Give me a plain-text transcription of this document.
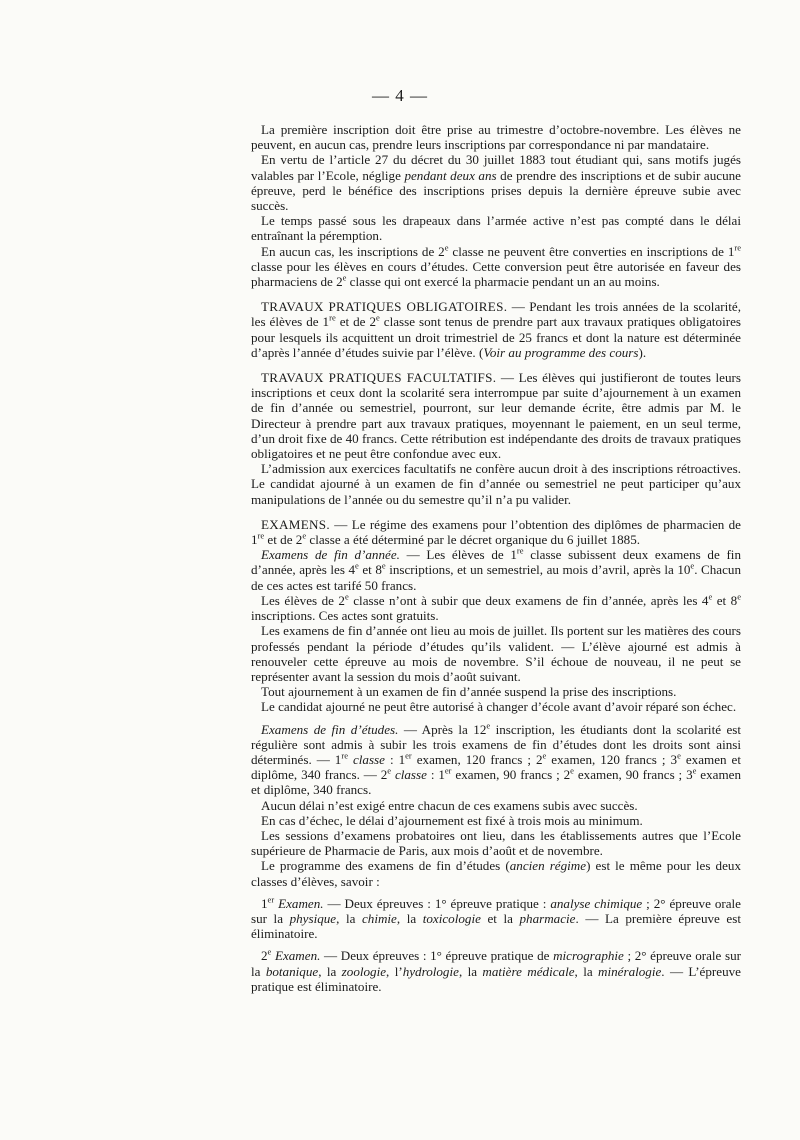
— 4 —

La première inscription doit être prise au trimestre d’octobre-novembre. Les élèves ne peuvent, en aucun cas, prendre leurs inscriptions par correspondance ni par mandataire.

En vertu de l’article 27 du décret du 30 juillet 1883 tout étudiant qui, sans motifs jugés valables par l’Ecole, néglige pendant deux ans de prendre des inscriptions et de subir aucune épreuve, perd le bénéfice des inscriptions prises depuis la dernière épreuve subie avec succès.

Le temps passé sous les drapeaux dans l’armée active n’est pas compté dans le délai entraînant la péremption.

En aucun cas, les inscriptions de 2e classe ne peuvent être converties en inscriptions de 1re classe pour les élèves en cours d’études. Cette conversion peut être autorisée en faveur des pharmaciens de 2e classe qui ont exercé la pharmacie pendant un an au moins.

TRAVAUX PRATIQUES OBLIGATOIRES. — Pendant les trois années de la scolarité, les élèves de 1re et de 2e classe sont tenus de prendre part aux travaux pratiques obligatoires pour lesquels ils acquittent un droit trimestriel de 25 francs et dont la nature est déterminée d’après l’année d’études suivie par l’élève. (Voir au programme des cours).

TRAVAUX PRATIQUES FACULTATIFS. — Les élèves qui justifieront de toutes leurs inscriptions et ceux dont la scolarité sera interrompue par suite d’ajournement à un examen de fin d’année ou semestriel, pourront, sur leur demande écrite, être admis par M. le Directeur à prendre part aux travaux pratiques, moyennant le paiement, en un seul terme, d’un droit fixe de 40 francs. Cette rétribution est indépendante des droits de travaux pratiques obligatoires et ne peut être confondue avec eux.

L’admission aux exercices facultatifs ne confère aucun droit à des inscriptions rétroactives. Le candidat ajourné à un examen de fin d’année ou semestriel ne peut participer qu’aux manipulations de l’année ou du semestre qu’il n’a pu valider.

EXAMENS. — Le régime des examens pour l’obtention des diplômes de pharmacien de 1re et de 2e classe a été déterminé par le décret organique du 6 juillet 1885.

Examens de fin d’année. — Les élèves de 1re classe subissent deux examens de fin d’année, après les 4e et 8e inscriptions, et un semestriel, au mois d’avril, après la 10e. Chacun de ces actes est tarifé 50 francs.

Les élèves de 2e classe n’ont à subir que deux examens de fin d’année, après les 4e et 8e inscriptions. Ces actes sont gratuits.

Les examens de fin d’année ont lieu au mois de juillet. Ils portent sur les matières des cours professés pendant la période d’études qu’ils valident. — L’élève ajourné est admis à renouveler cette épreuve au mois de novembre. S’il échoue de nouveau, il ne peut se représenter avant la session du mois d’août suivant.

Tout ajournement à un examen de fin d’année suspend la prise des inscriptions.

Le candidat ajourné ne peut être autorisé à changer d’école avant d’avoir réparé son échec.

Examens de fin d’études. — Après la 12e inscription, les étudiants dont la scolarité est régulière sont admis à subir les trois examens de fin d’études dont les droits sont ainsi déterminés. — 1re classe : 1er examen, 120 francs ; 2e examen, 120 francs ; 3e examen et diplôme, 340 francs. — 2e classe : 1er examen, 90 francs ; 2e examen, 90 francs ; 3e examen et diplôme, 340 francs.

Aucun délai n’est exigé entre chacun de ces examens subis avec succès.

En cas d’échec, le délai d’ajournement est fixé à trois mois au minimum.

Les sessions d’examens probatoires ont lieu, dans les établissements autres que l’Ecole supérieure de Pharmacie de Paris, aux mois d’août et de novembre.

Le programme des examens de fin d’études (ancien régime) est le même pour les deux classes d’élèves, savoir :

1er Examen. — Deux épreuves : 1° épreuve pratique : analyse chimique ; 2° épreuve orale sur la physique, la chimie, la toxicologie et la pharmacie. — La première épreuve est éliminatoire.

2e Examen. — Deux épreuves : 1° épreuve pratique de micrographie ; 2° épreuve orale sur la botanique, la zoologie, l’hydrologie, la matière médicale, la minéralogie. — L’épreuve pratique est éliminatoire.
